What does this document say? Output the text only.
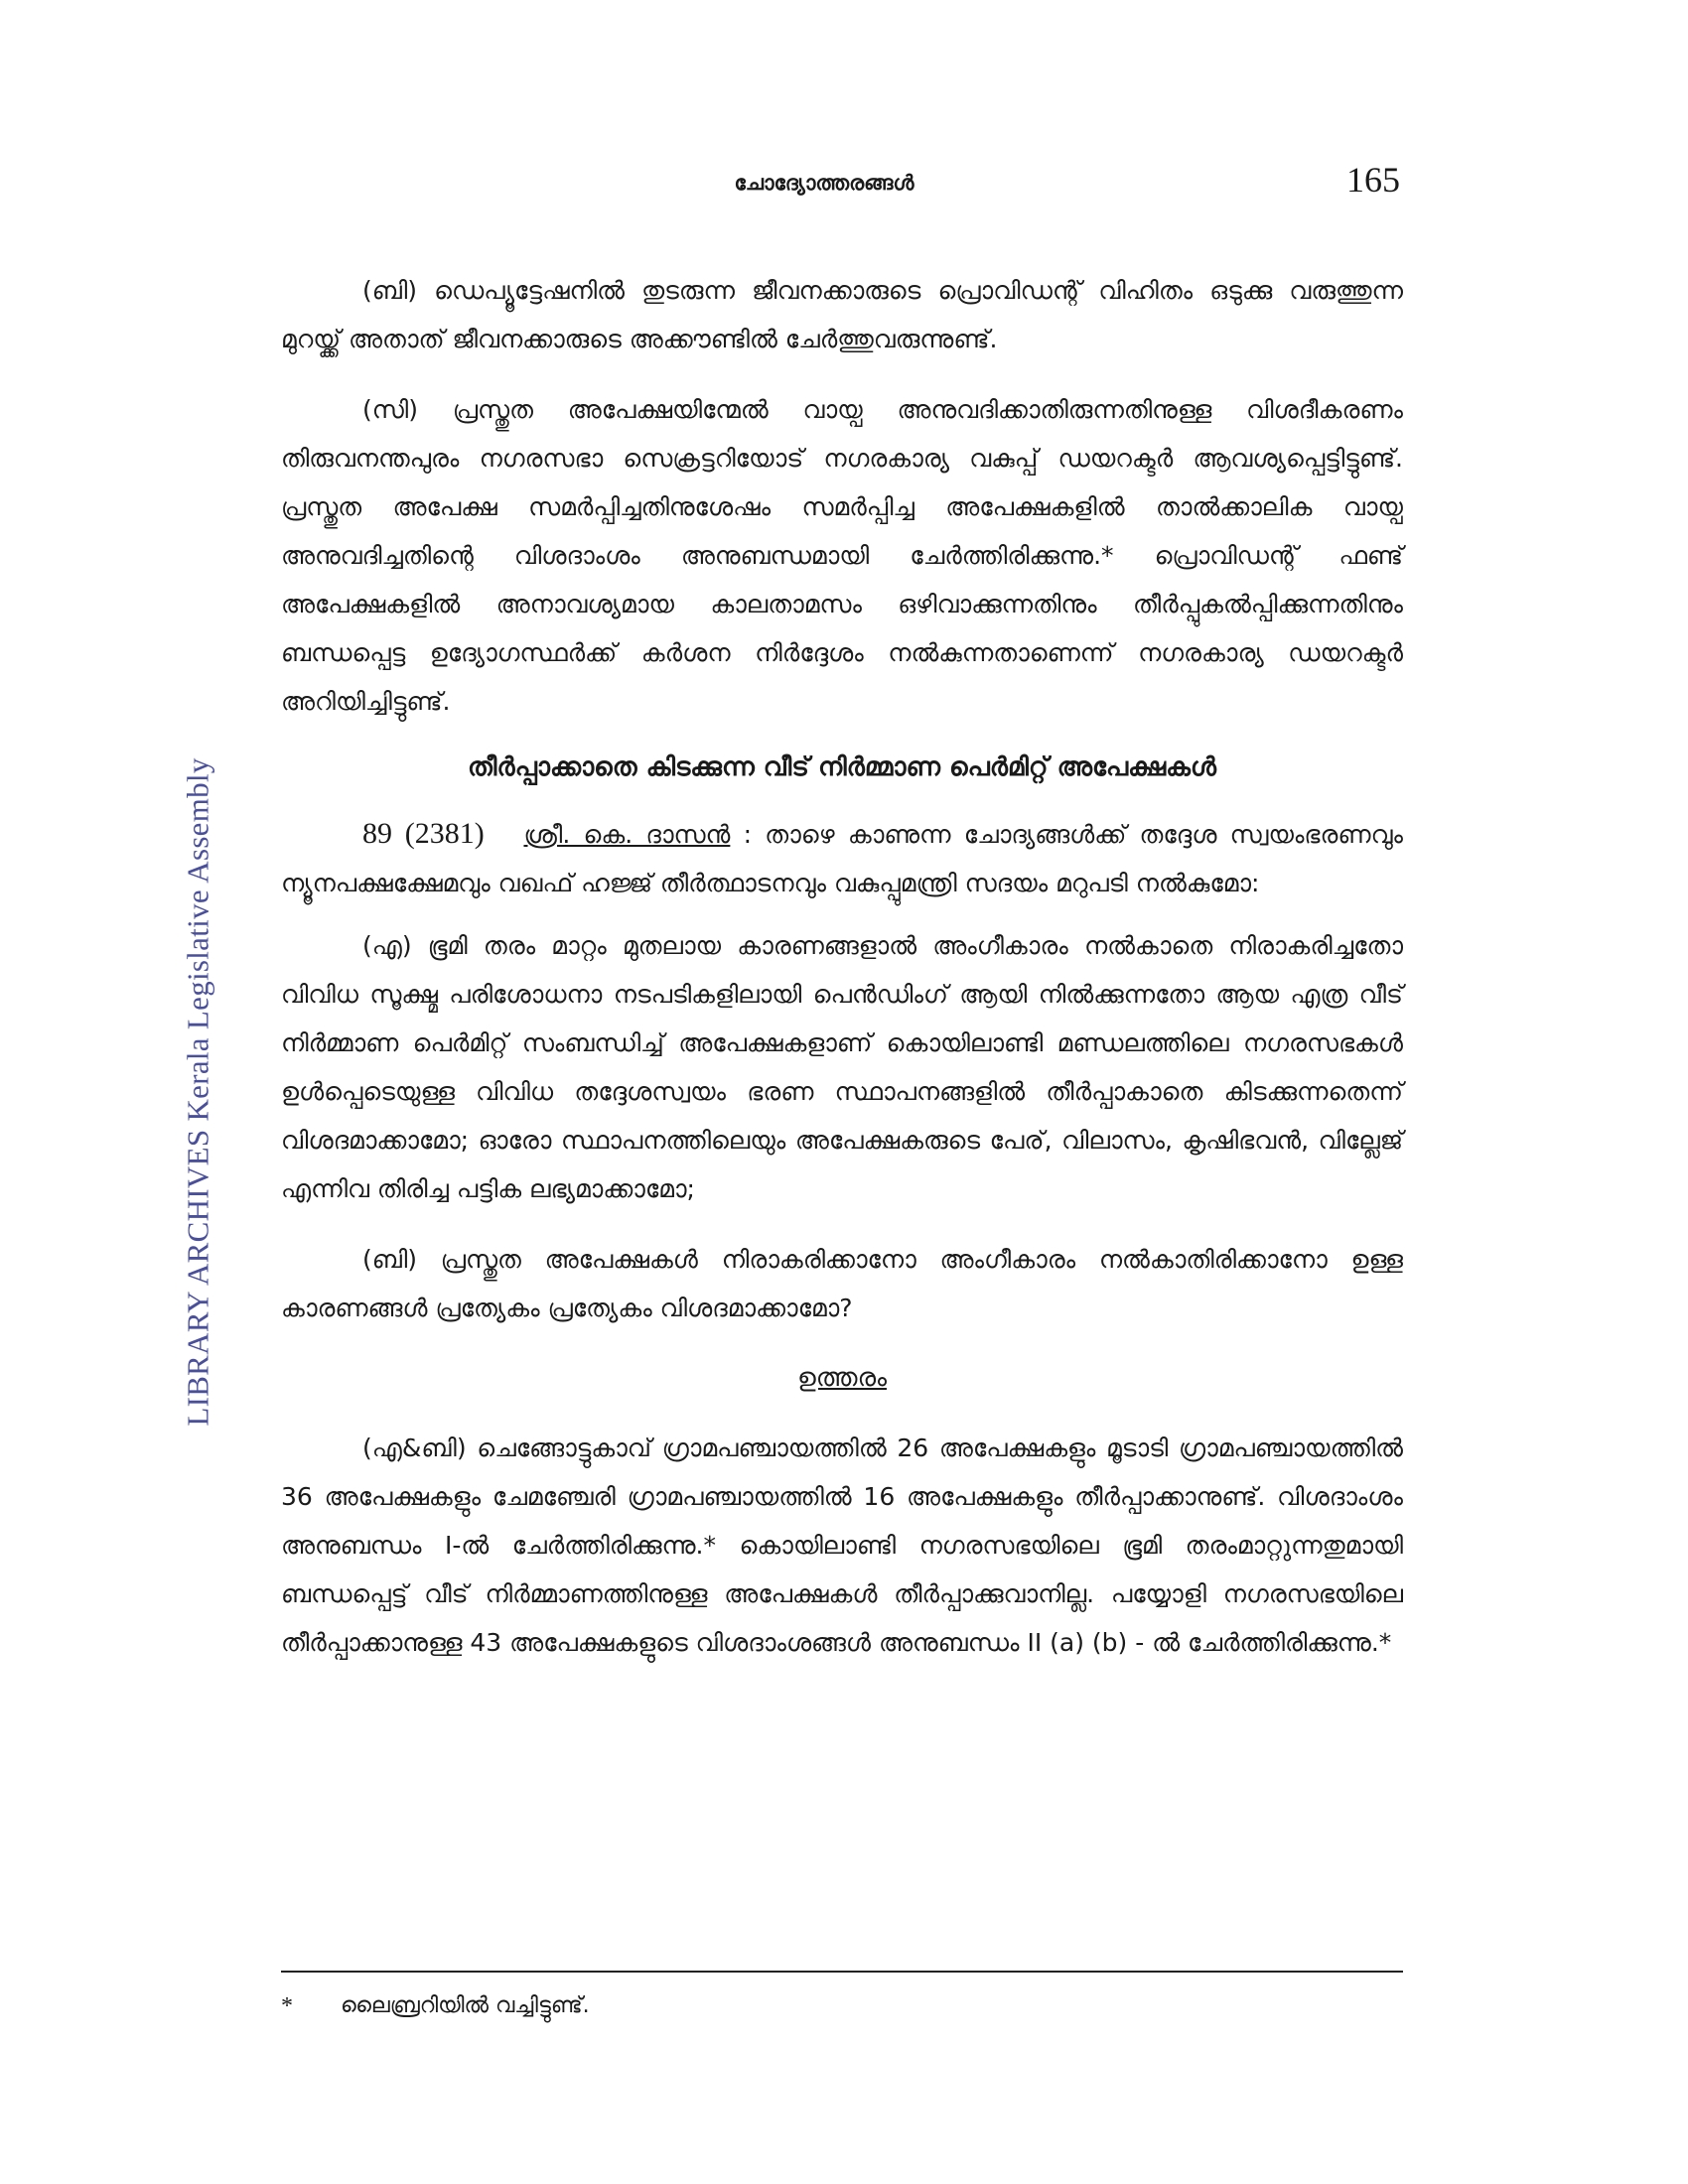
LIBRARY ARCHIVES Kerala Legislative Assembly
ചോദ്യോത്തരങ്ങൾ	165

(ബി) ഡെപ്യൂട്ടേഷനിൽ തുടരുന്ന ജീവനക്കാരുടെ പ്രൊവിഡന്റ് വിഹിതം ഒടുക്കു വരുത്തുന്ന മുറയ്ക്ക് അതാത് ജീവനക്കാരുടെ അക്കൗണ്ടിൽ ചേർത്തുവരുന്നുണ്ട്.

(സി) പ്രസ്തുത അപേക്ഷയിന്മേൽ വായ്പ അനുവദിക്കാതിരുന്നതിനുള്ള വിശദീകരണം തിരുവനന്തപുരം നഗരസഭാ സെക്രട്ടറിയോട് നഗരകാര്യ വകുപ്പ് ഡയറക്ടർ ആവശ്യപ്പെട്ടിട്ടുണ്ട്. പ്രസ്തുത അപേക്ഷ സമർപ്പിച്ചതിനുശേഷം സമർപ്പിച്ച അപേക്ഷകളിൽ താൽക്കാലിക വായ്പ അനുവദിച്ചതിന്റെ വിശദാംശം അനുബന്ധമായി ചേർത്തിരിക്കുന്നു.* പ്രൊവിഡന്റ് ഫണ്ട് അപേക്ഷകളിൽ അനാവശ്യമായ കാലതാമസം ഒഴിവാക്കുന്നതിനും തീർപ്പുകൽപ്പിക്കുന്നതിനും ബന്ധപ്പെട്ട ഉദ്യോഗസ്ഥർക്ക് കർശന നിർദ്ദേശം നൽകുന്നതാണെന്ന് നഗരകാര്യ ഡയറക്ടർ അറിയിച്ചിട്ടുണ്ട്.

തീർപ്പാക്കാതെ കിടക്കുന്ന വീട് നിർമ്മാണ പെർമിറ്റ് അപേക്ഷകൾ

89 (2381) ശ്രീ. കെ. ദാസൻ : താഴെ കാണുന്ന ചോദ്യങ്ങൾക്ക് തദ്ദേശ സ്വയംഭരണവും ന്യൂനപക്ഷക്ഷേമവും വഖഫ് ഹജ്ജ് തീർത്ഥാടനവും വകുപ്പുമന്ത്രി സദയം മറുപടി നൽകുമോ:

(എ) ഭൂമി തരം മാറ്റം മുതലായ കാരണങ്ങളാൽ അംഗീകാരം നൽകാതെ നിരാകരിച്ചതോ വിവിധ സൂക്ഷ്മ പരിശോധനാ നടപടികളിലായി പെൻഡിംഗ് ആയി നിൽക്കുന്നതോ ആയ എത്ര വീട് നിർമ്മാണ പെർമിറ്റ് സംബന്ധിച്ച് അപേക്ഷകളാണ് കൊയിലാണ്ടി മണ്ഡലത്തിലെ നഗരസഭകൾ ഉൾപ്പെടെയുള്ള വിവിധ തദ്ദേശസ്വയം ഭരണ സ്ഥാപനങ്ങളിൽ തീർപ്പാകാതെ കിടക്കുന്നതെന്ന് വിശദമാക്കാമോ; ഓരോ സ്ഥാപനത്തിലെയും അപേക്ഷകരുടെ പേര്, വിലാസം, കൃഷിഭവൻ, വില്ലേജ് എന്നിവ തിരിച്ച പട്ടിക ലഭ്യമാക്കാമോ;

(ബി) പ്രസ്തുത അപേക്ഷകൾ നിരാകരിക്കാനോ അംഗീകാരം നൽകാതിരിക്കാനോ ഉള്ള കാരണങ്ങൾ പ്രത്യേകം പ്രത്യേകം വിശദമാക്കാമോ?

ഉത്തരം

(എ&ബി) ചെങ്ങോട്ടുകാവ് ഗ്രാമപഞ്ചായത്തിൽ 26 അപേക്ഷകളും മൂടാടി ഗ്രാമപഞ്ചായത്തിൽ 36 അപേക്ഷകളും ചേമഞ്ചേരി ഗ്രാമപഞ്ചായത്തിൽ 16 അപേക്ഷകളും തീർപ്പാക്കാനുണ്ട്. വിശദാംശം അനുബന്ധം I-ൽ ചേർത്തിരിക്കുന്നു.* കൊയിലാണ്ടി നഗരസഭയിലെ ഭൂമി തരംമാറ്റുന്നതുമായി ബന്ധപ്പെട്ട് വീട് നിർമ്മാണത്തിനുള്ള അപേക്ഷകൾ തീർപ്പാക്കുവാനില്ല. പയ്യോളി നഗരസഭയിലെ തീർപ്പാക്കാനുള്ള 43 അപേക്ഷകളുടെ വിശദാംശങ്ങൾ അനുബന്ധം II (a) (b) - ൽ ചേർത്തിരിക്കുന്നു.*

*	ലൈബ്രറിയിൽ വച്ചിട്ടുണ്ട്.
